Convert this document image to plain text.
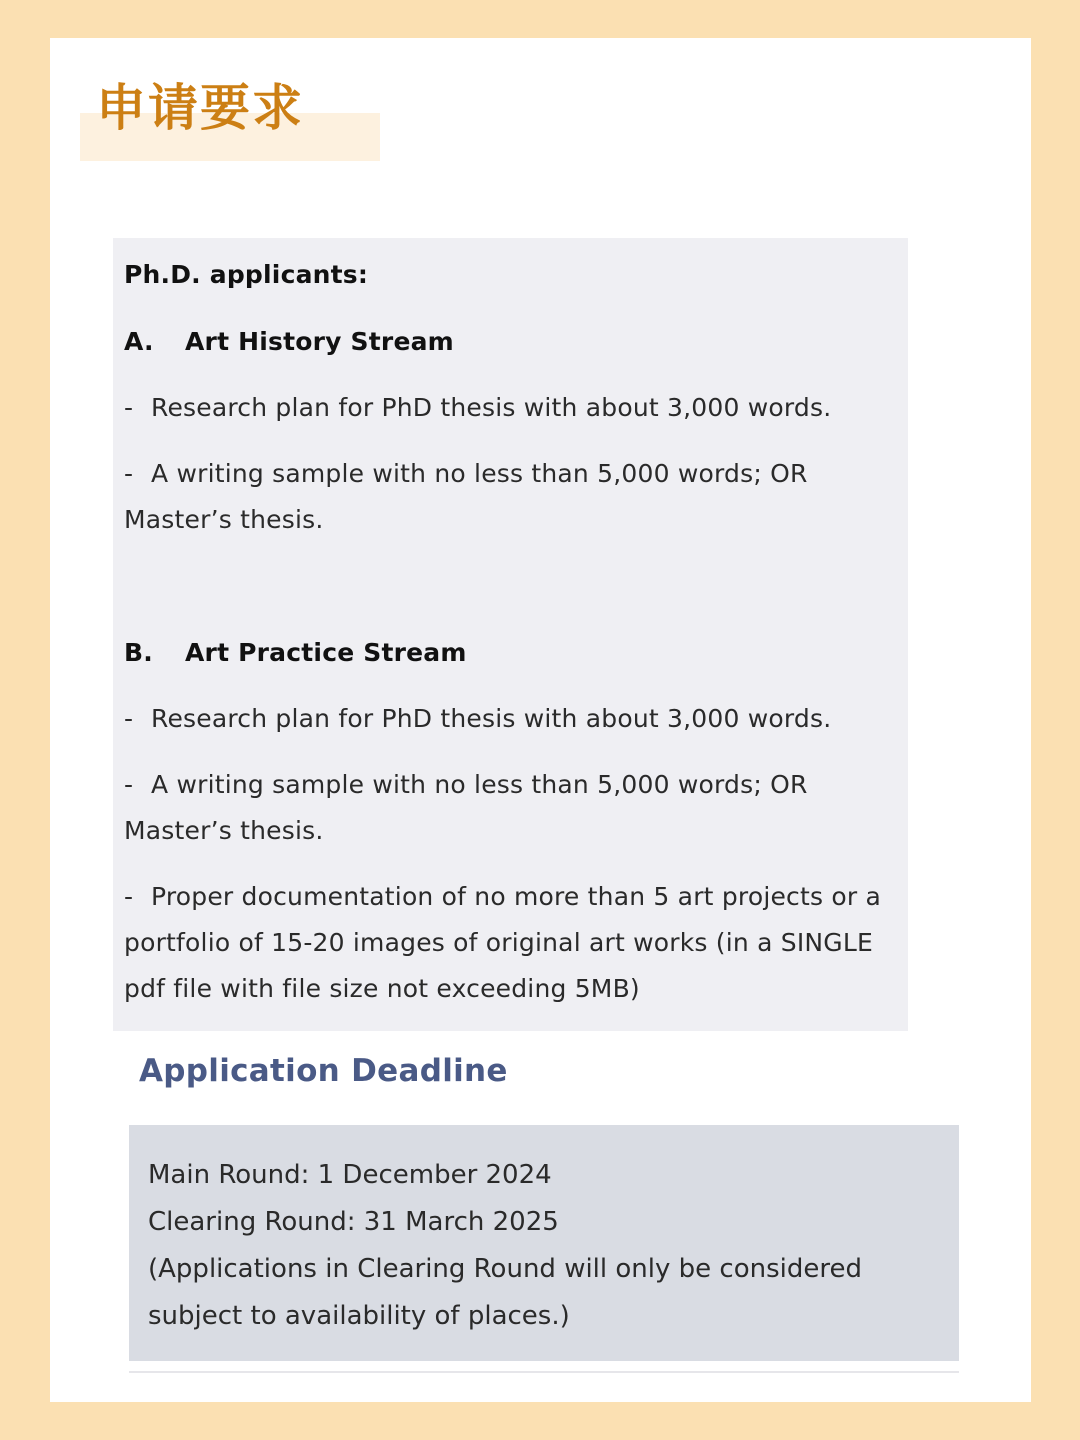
申请要求

Ph.D. applicants:

A. Art History Stream

- Research plan for PhD thesis with about 3,000 words.

- A writing sample with no less than 5,000 words; OR Master’s thesis.

B. Art Practice Stream

- Research plan for PhD thesis with about 3,000 words.

- A writing sample with no less than 5,000 words; OR Master’s thesis.

- Proper documentation of no more than 5 art projects or a portfolio of 15-20 images of original art works (in a SINGLE pdf file with file size not exceeding 5MB)

Application Deadline
Main Round: 1 December 2024
Clearing Round: 31 March 2025
(Applications in Clearing Round will only be considered subject to availability of places.)
